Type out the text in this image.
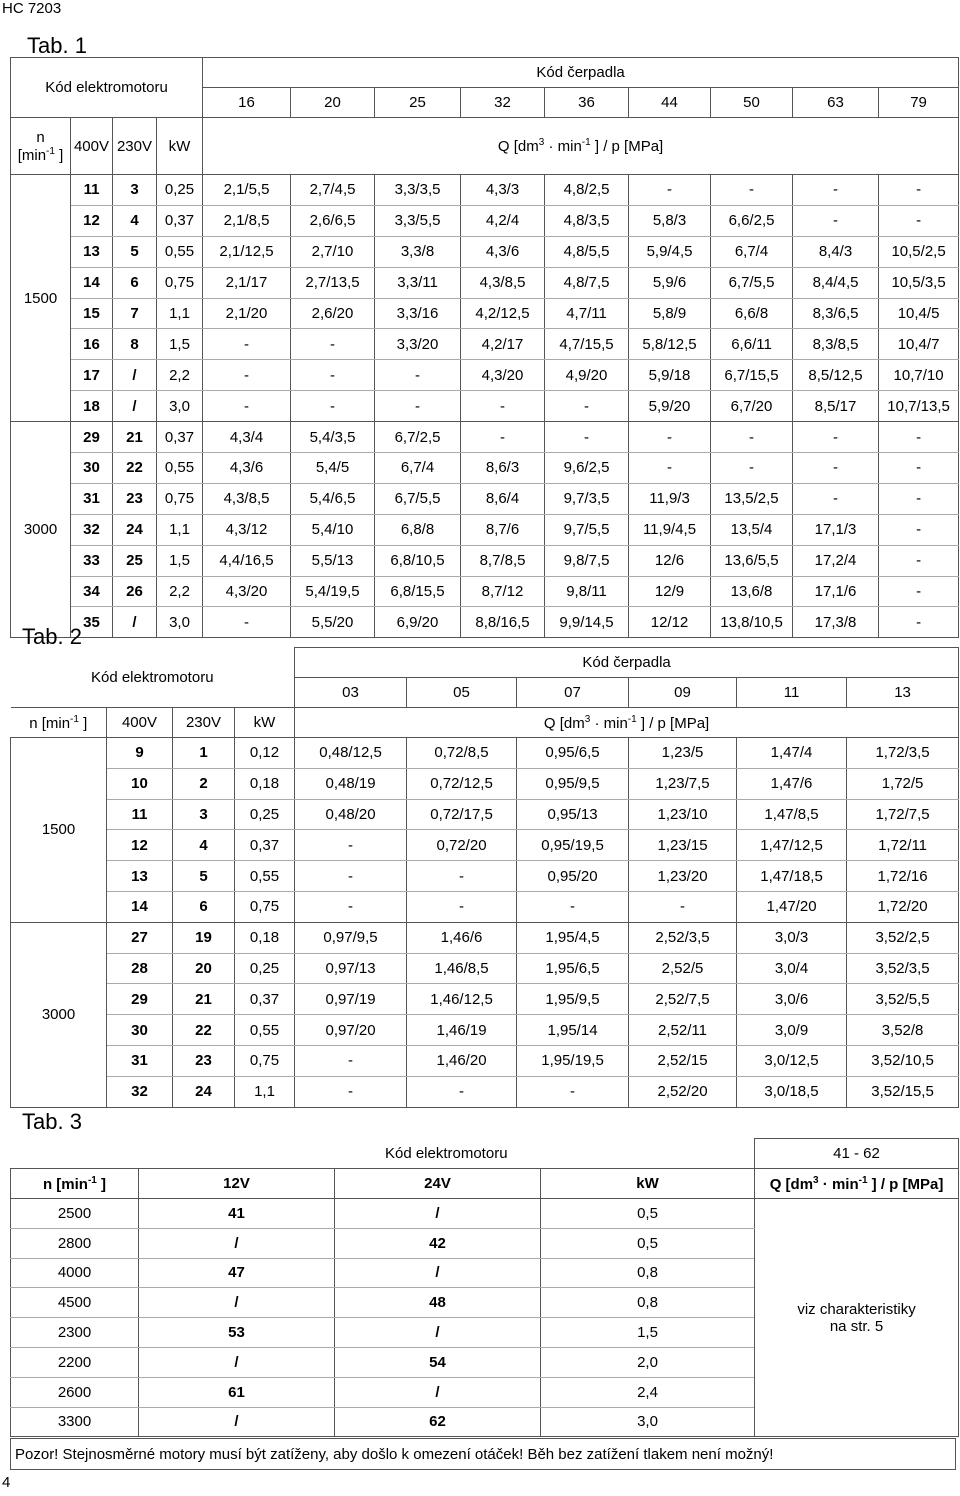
HC 7203
Tab. 1
Kód elektromotoru				Kód čerpadla								
				16	20	25	32	36	44	50	63	79
n
[$\min^{-1}$ ]	400V	230V	kW	Q [$dm^3 \cdot \min^{-1}$ ] / p [MPa]								
1500	11	3	0,25	2,1/5,5	2,7/4,5	3,3/3,5	4,3/3	4,8/2,5	-	-	-	-
	12	4	0,37	2,1/8,5	2,6/6,5	3,3/5,5	4,2/4	4,8/3,5	5,8/3	6,6/2,5	-	-
	13	5	0,55	2,1/12,5	2,7/10	3,3/8	4,3/6	4,8/5,5	5,9/4,5	6,7/4	8,4/3	10,5/2,5
	14	6	0,75	2,1/17	2,7/13,5	3,3/11	4,3/8,5	4,8/7,5	5,9/6	6,7/5,5	8,4/4,5	10,5/3,5
	15	7	1,1	2,1/20	2,6/20	3,3/16	4,2/12,5	4,7/11	5,8/9	6,6/8	8,3/6,5	10,4/5
	16	8	1,5	-	-	3,3/20	4,2/17	4,7/15,5	5,8/12,5	6,6/11	8,3/8,5	10,4/7
	17	/	2,2	-	-	-	4,3/20	4,9/20	5,9/18	6,7/15,5	8,5/12,5	10,7/10
	18	/	3,0	-	-	-	-	-	5,9/20	6,7/20	8,5/17	10,7/13,5
3000	29	21	0,37	4,3/4	5,4/3,5	6,7/2,5	-	-	-	-	-	-
	30	22	0,55	4,3/6	5,4/5	6,7/4	8,6/3	9,6/2,5	-	-	-	-
	31	23	0,75	4,3/8,5	5,4/6,5	6,7/5,5	8,6/4	9,7/3,5	11,9/3	13,5/2,5	-	-
	32	24	1,1	4,3/12	5,4/10	6,8/8	8,7/6	9,7/5,5	11,9/4,5	13,5/4	17,1/3	-
	33	25	1,5	4,4/16,5	5,5/13	6,8/10,5	8,7/8,5	9,8/7,5	12/6	13,6/5,5	17,2/4	-
	34	26	2,2	4,3/20	5,4/19,5	6,8/15,5	8,7/12	9,8/11	12/9	13,6/8	17,1/6	-
	35	/	3,0	-	5,5/20	6,9/20	8,8/16,5	9,9/14,5	12/12	13,8/10,5	17,3/8	-
Tab. 2
Kód elektromotoru				Kód čerpadla					
				03	05	07	09	11	13
n [$\min^{-1}$ ]	400V	230V	kW	Q [$dm^3 \cdot \min^{-1}$ ] / p [MPa]					
1500	9	1	0,12	0,48/12,5	0,72/8,5	0,95/6,5	1,23/5	1,47/4	1,72/3,5
	10	2	0,18	0,48/19	0,72/12,5	0,95/9,5	1,23/7,5	1,47/6	1,72/5
	11	3	0,25	0,48/20	0,72/17,5	0,95/13	1,23/10	1,47/8,5	1,72/7,5
	12	4	0,37	-	0,72/20	0,95/19,5	1,23/15	1,47/12,5	1,72/11
	13	5	0,55	-	-	0,95/20	1,23/20	1,47/18,5	1,72/16
	14	6	0,75	-	-	-	-	1,47/20	1,72/20
3000	27	19	0,18	0,97/9,5	1,46/6	1,95/4,5	2,52/3,5	3,0/3	3,52/2,5
	28	20	0,25	0,97/13	1,46/8,5	1,95/6,5	2,52/5	3,0/4	3,52/3,5
	29	21	0,37	0,97/19	1,46/12,5	1,95/9,5	2,52/7,5	3,0/6	3,52/5,5
	30	22	0,55	0,97/20	1,46/19	1,95/14	2,52/11	3,0/9	3,52/8
	31	23	0,75	-	1,46/20	1,95/19,5	2,52/15	3,0/12,5	3,52/10,5
	32	24	1,1	-	-	-	2,52/20	3,0/18,5	3,52/15,5
Tab. 3
	Kód elektromotoru			41 - 62
n [$\min^{-1}$ ]	12V	24V	kW	Q [$dm^3 \cdot \min^{-1}$ ] / p [MPa]
2500	41	/	0,5	viz charakteristiky na str. 5
2800	/	42	0,5	
4000	47	/	0,8	
4500	/	48	0,8	
2300	53	/	1,5	
2200	/	54	2,0	
2600	61	/	2,4	
3300	/	62	3,0	
Pozor! Stejnosměrné motory musí být zatíženy, aby došlo k omezení otáček! Běh bez zatížení tlakem není možný!
4
